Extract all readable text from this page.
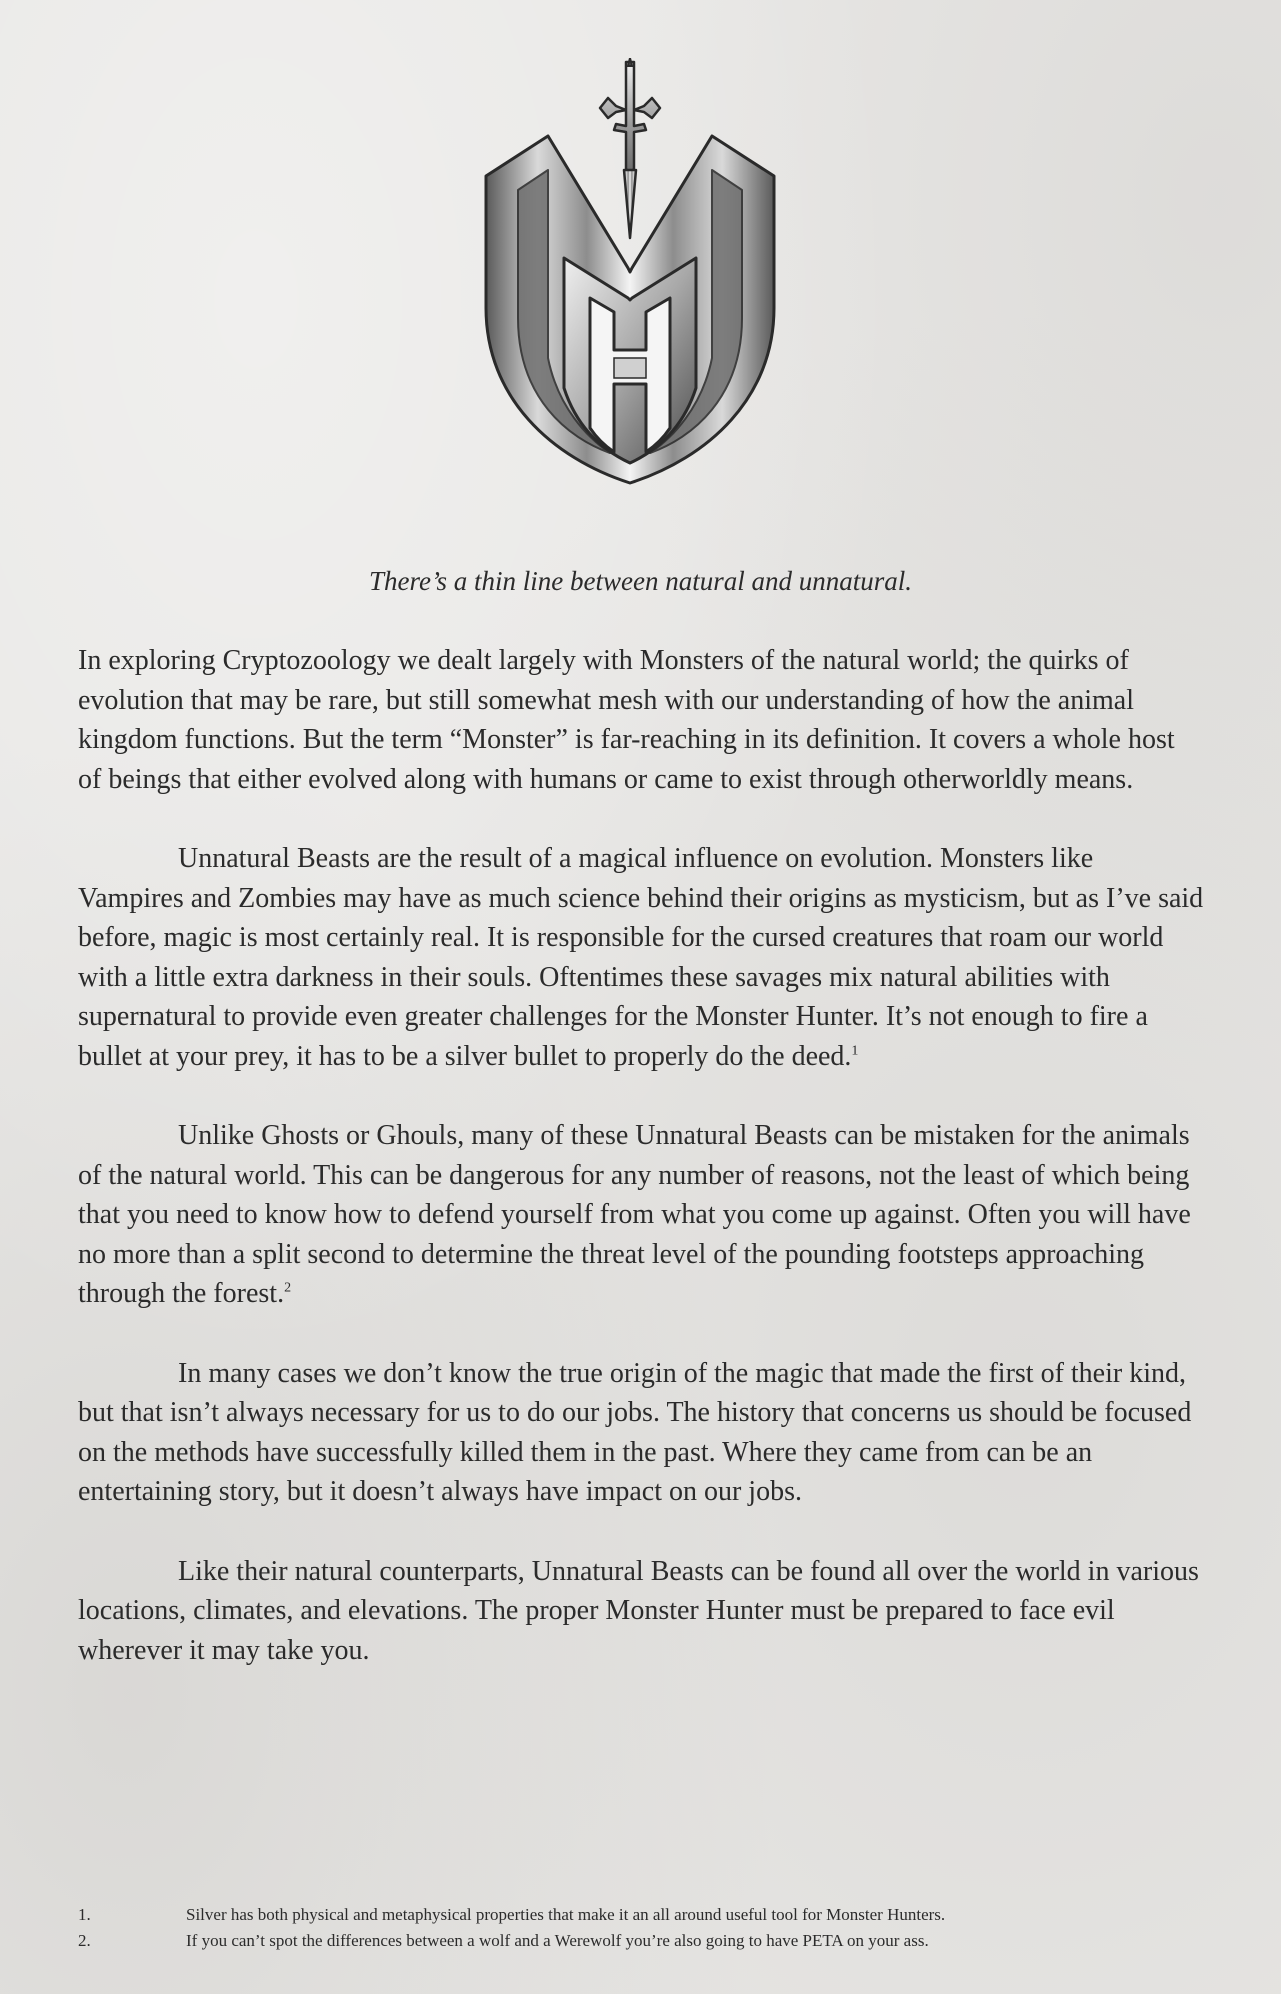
There’s a thin line between natural and unnatural.

In exploring Cryptozoology we dealt largely with Monsters of the natural world; the quirks of evolution that may be rare, but still somewhat mesh with our understanding of how the animal kingdom functions. But the term “Monster” is far-reaching in its definition. It covers a whole host of beings that either evolved along with humans or came to exist through otherworldly means.

Unnatural Beasts are the result of a magical influence on evolution. Monsters like Vampires and Zombies may have as much science behind their origins as mysticism, but as I’ve said before, magic is most certainly real. It is responsible for the cursed creatures that roam our world with a little extra darkness in their souls. Oftentimes these savages mix natural abilities with supernatural to provide even greater challenges for the Monster Hunter. It’s not enough to fire a bullet at your prey, it has to be a silver bullet to properly do the deed.$^1$

Unlike Ghosts or Ghouls, many of these Unnatural Beasts can be mistaken for the animals of the natural world. This can be dangerous for any number of reasons, not the least of which being that you need to know how to defend yourself from what you come up against. Often you will have no more than a split second to determine the threat level of the pounding footsteps approaching through the forest.$^2$

In many cases we don’t know the true origin of the magic that made the first of their kind, but that isn’t always necessary for us to do our jobs. The history that concerns us should be focused on the methods have successfully killed them in the past. Where they came from can be an entertaining story, but it doesn’t always have impact on our jobs.

Like their natural counterparts, Unnatural Beasts can be found all over the world in various locations, climates, and elevations. The proper Monster Hunter must be prepared to face evil wherever it may take you.

1.	Silver has both physical and metaphysical properties that make it an all around useful tool for Monster Hunters.
2.	If you can’t spot the differences between a wolf and a Werewolf you’re also going to have PETA on your ass.
